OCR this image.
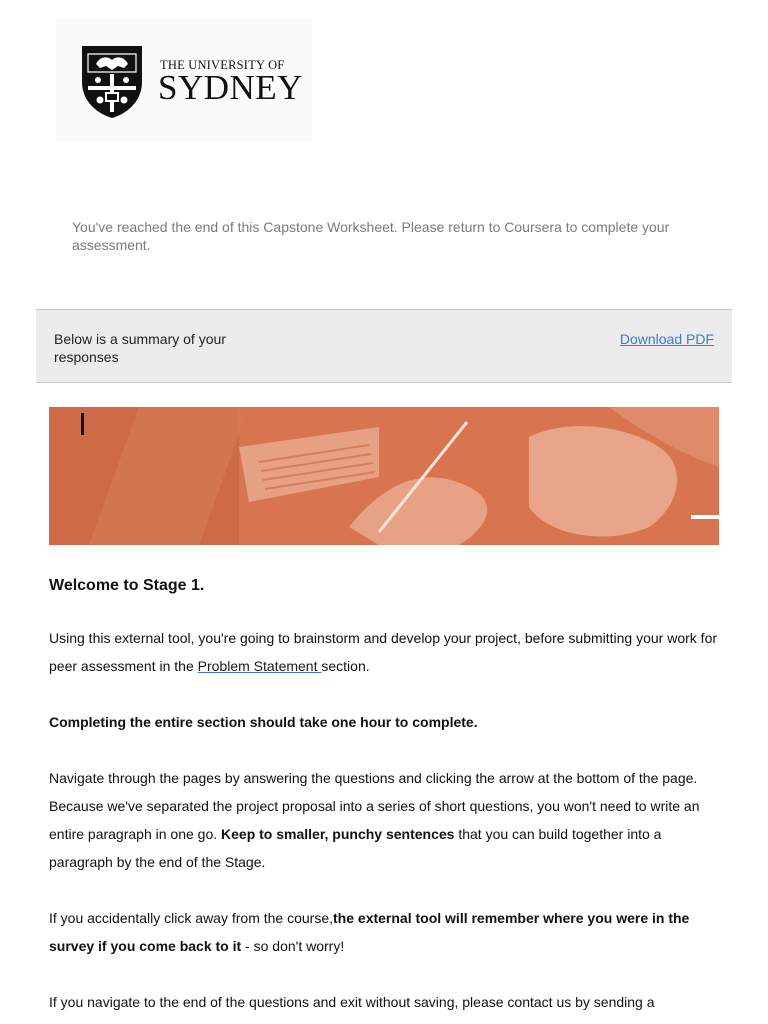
THE UNIVERSITY OF
SYDNEY
You've reached the end of this Capstone Worksheet. Please return to Coursera to complete your assessment.
Below is a summary of your responses
Download PDF
Welcome to Stage 1.

Using this external tool, you're going to brainstorm and develop your project, before submitting your work for peer assessment in the Problem Statement section.

Completing the entire section should take one hour to complete.

Navigate through the pages by answering the questions and clicking the arrow at the bottom of the page. Because we've separated the project proposal into a series of short questions, you won't need to write an entire paragraph in one go. Keep to smaller, punchy sentences that you can build together into a paragraph by the end of the Stage.

If you accidentally click away from the course,the external tool will remember where you were in the survey if you come back to it - so don't worry!

If you navigate to the end of the questions and exit without saving, please contact us by sending a
